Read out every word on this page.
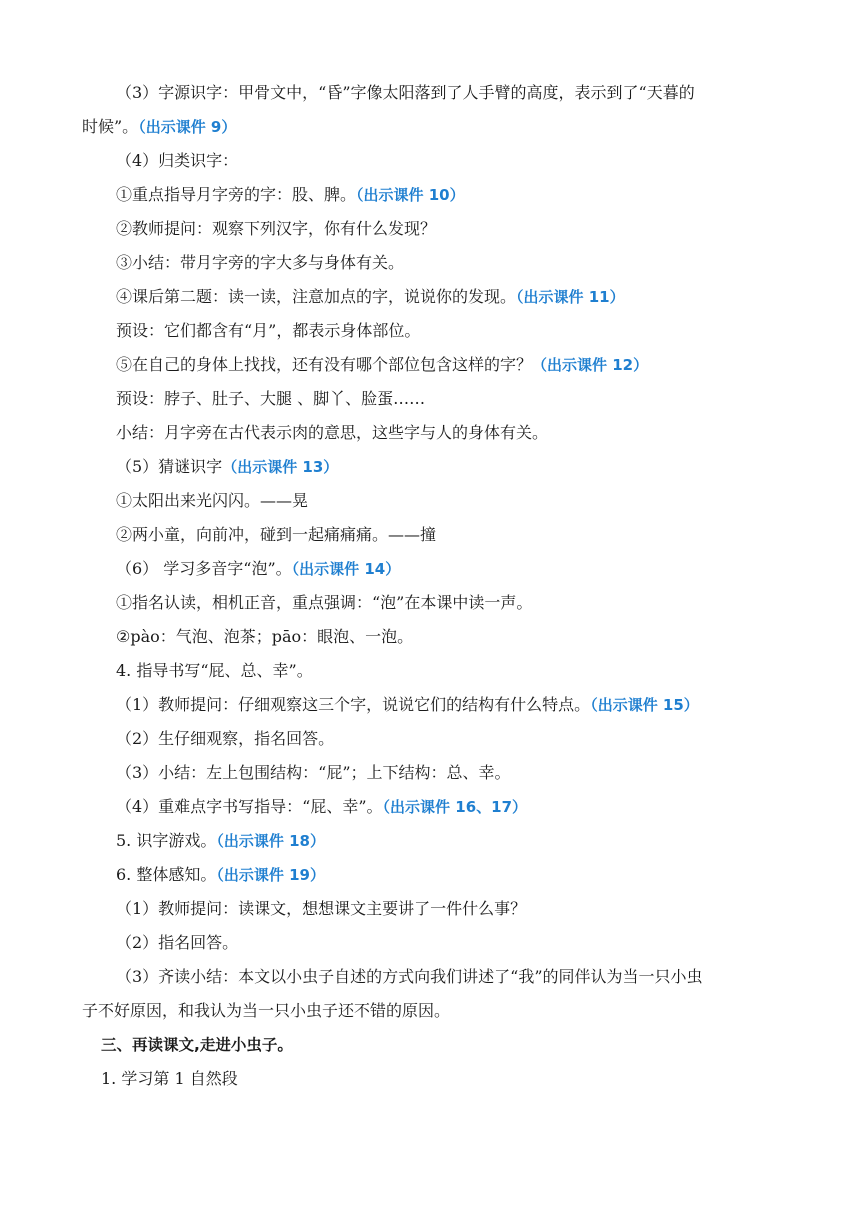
（3）字源识字：甲骨文中，“昏”字像太阳落到了人手臂的高度，表示到了“天暮的
时候”。（出示课件 9）
（4）归类识字：
①重点指导月字旁的字：股、脾。（出示课件 10）
②教师提问：观察下列汉字，你有什么发现？
③小结：带月字旁的字大多与身体有关。
④课后第二题：读一读，注意加点的字，说说你的发现。（出示课件 11）
预设：它们都含有“月”，都表示身体部位。
⑤在自己的身体上找找，还有没有哪个部位包含这样的字？（出示课件 12）
预设：脖子、肚子、大腿 、脚丫、脸蛋……
小结：月字旁在古代表示肉的意思，这些字与人的身体有关。
（5）猜谜识字（出示课件 13）
①太阳出来光闪闪。——晃
②两小童，向前冲，碰到一起痛痛痛。——撞
（6） 学习多音字“泡”。（出示课件 14）
①指名认读，相机正音，重点强调：“泡”在本课中读一声。
②pào：气泡、泡茶；pāo：眼泡、一泡。
4. 指导书写“屁、总、幸”。
（1）教师提问：仔细观察这三个字，说说它们的结构有什么特点。（出示课件 15）
（2）生仔细观察，指名回答。
（3）小结：左上包围结构：“屁”；上下结构：总、幸。
（4）重难点字书写指导：“屁、幸”。（出示课件 16、17）
5. 识字游戏。（出示课件 18）
6. 整体感知。（出示课件 19）
（1）教师提问：读课文，想想课文主要讲了一件什么事？
（2）指名回答。
（3）齐读小结：本文以小虫子自述的方式向我们讲述了“我”的同伴认为当一只小虫
子不好原因，和我认为当一只小虫子还不错的原因。
三、再读课文,走进小虫子。
1. 学习第 1 自然段
